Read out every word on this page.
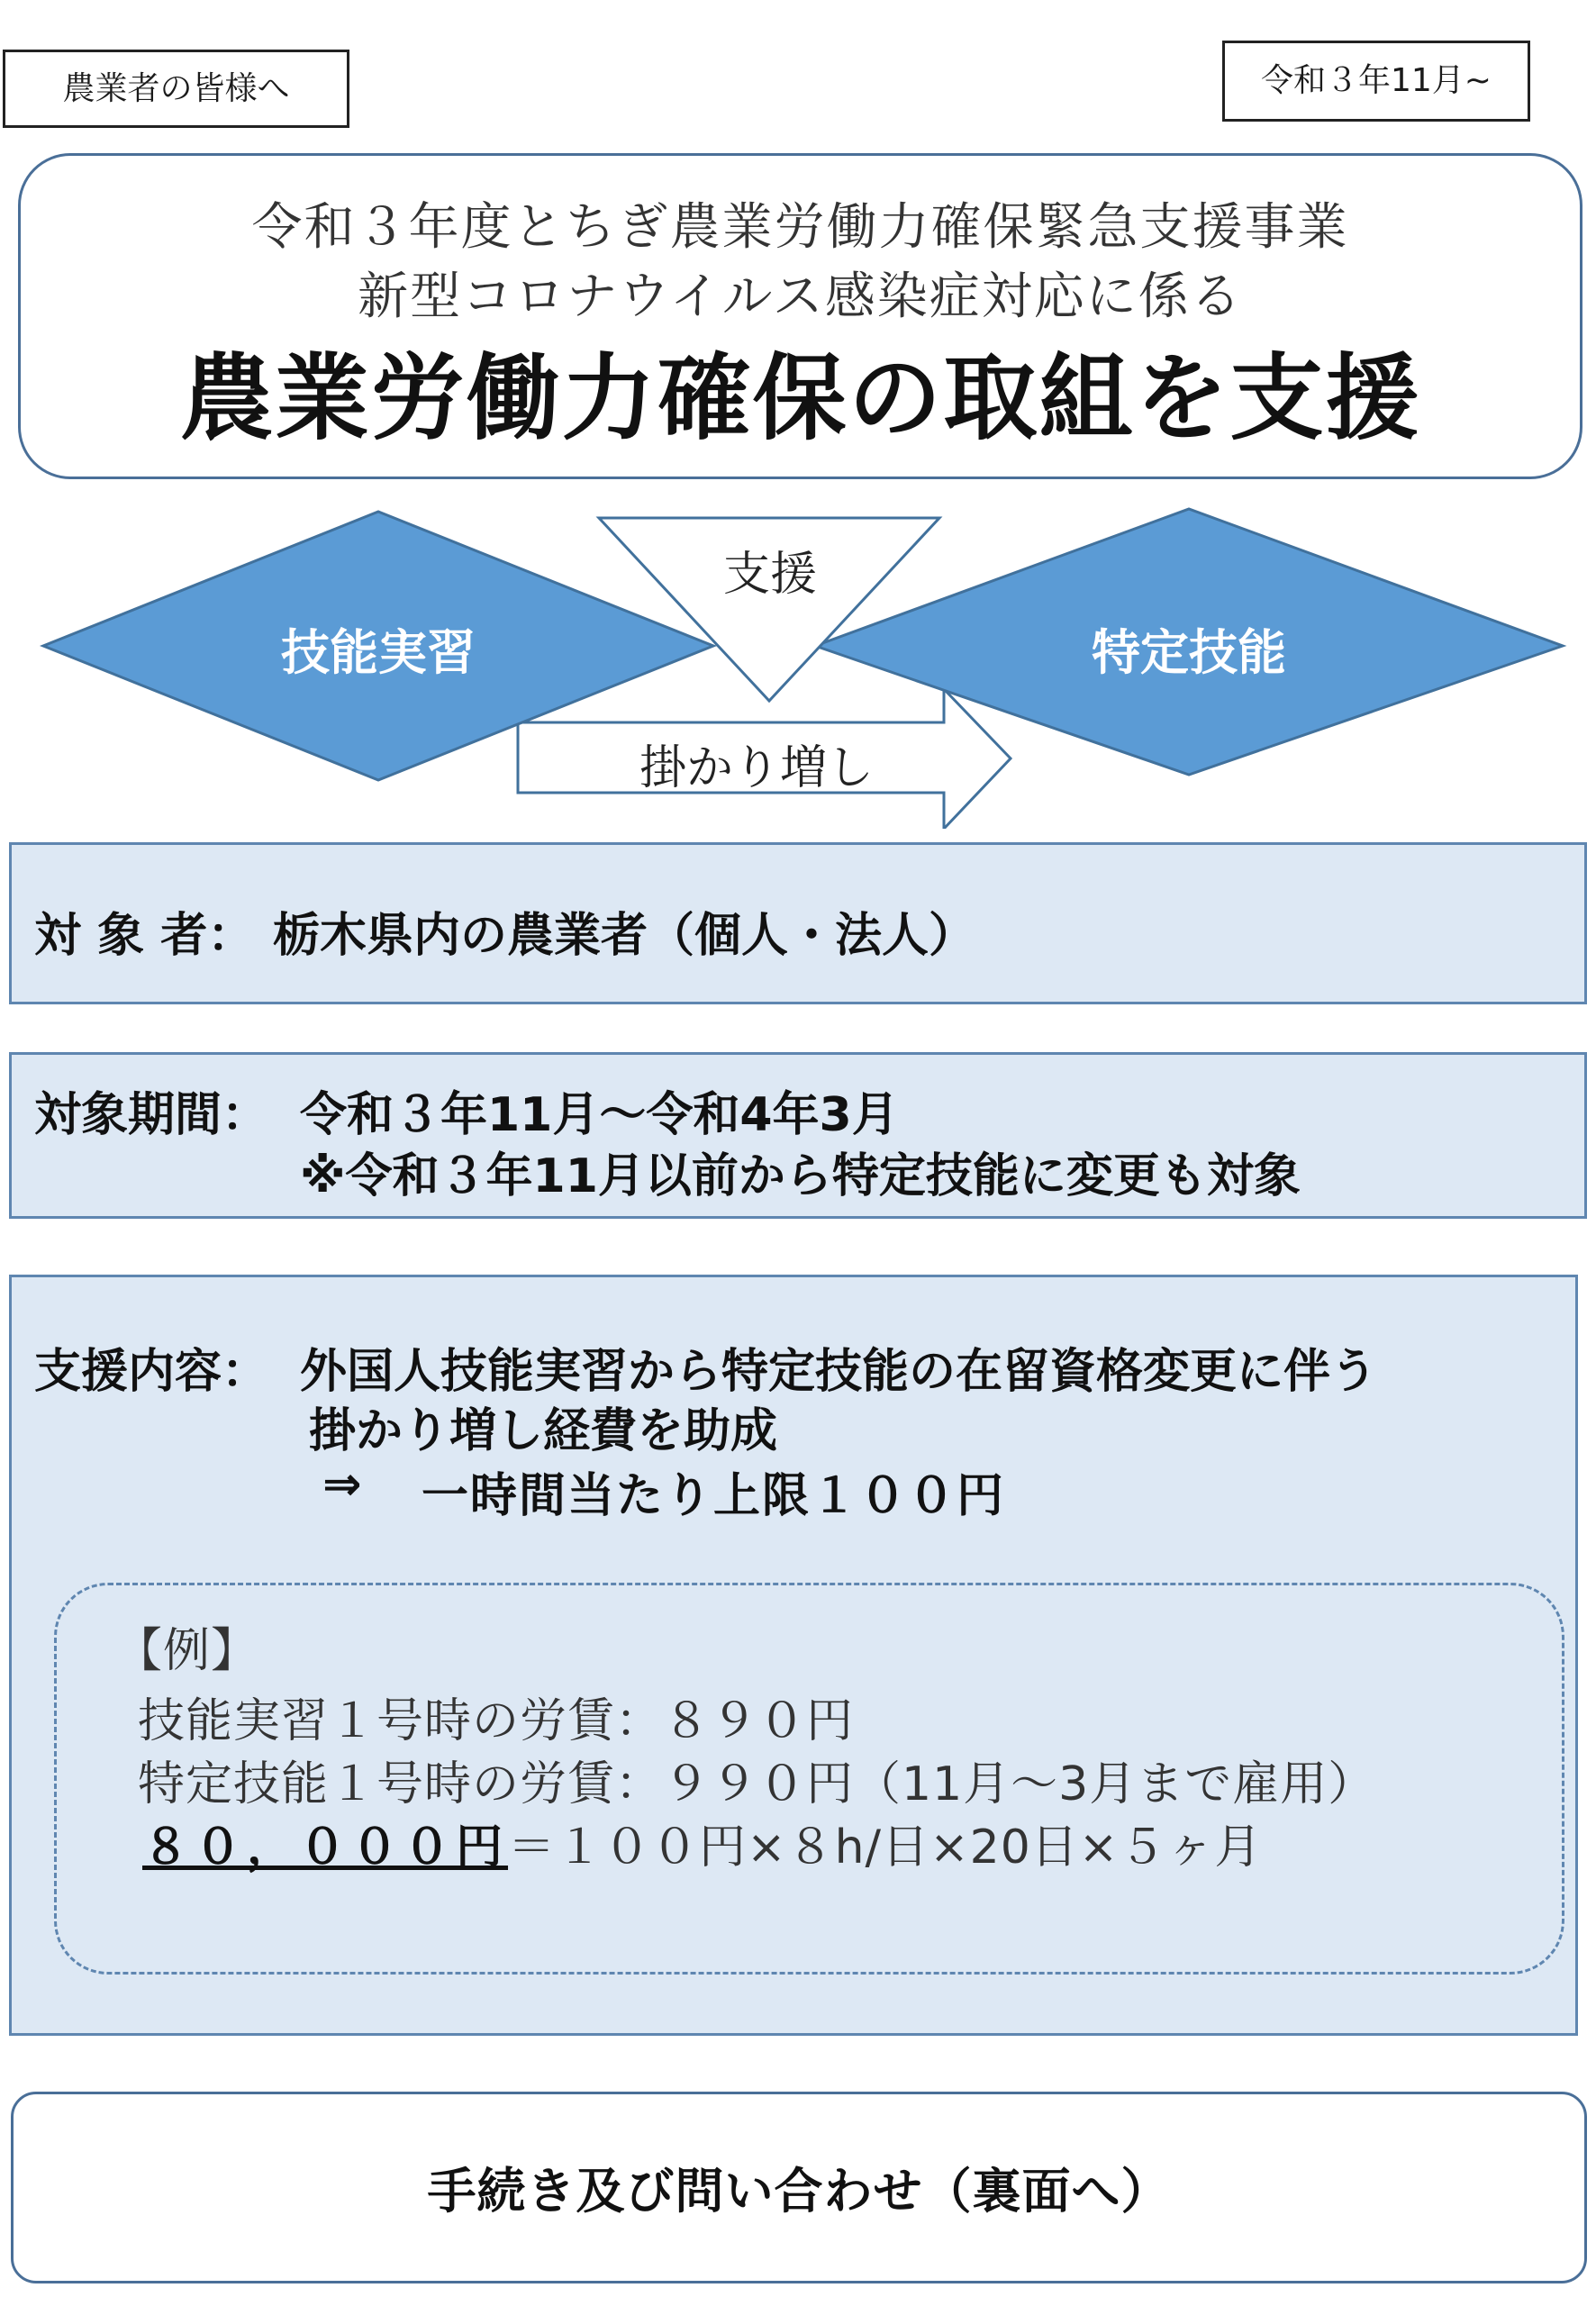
農業者の皆様へ	令和３年11月~
令和３年度とちぎ農業労働力確保緊急支援事業
新型コロナウイルス感染症対応に係る
農業労働力確保の取組を支援
技能実習	特定技能
支援
掛かり増し
対 象 者： 栃木県内の農業者（個人・法人）
対象期間： 令和３年11月～令和4年3月
※令和３年11月以前から特定技能に変更も対象
支援内容： 外国人技能実習から特定技能の在留資格変更に伴う
掛かり増し経費を助成
⇒ 一時間当たり上限１００円
【例】
技能実習１号時の労賃：８９０円
特定技能１号時の労賃：９９０円（11月～3月まで雇用）
８０，０００円＝１００円×８h/日×20日×５ヶ月
手続き及び問い合わせ（裏面へ）
